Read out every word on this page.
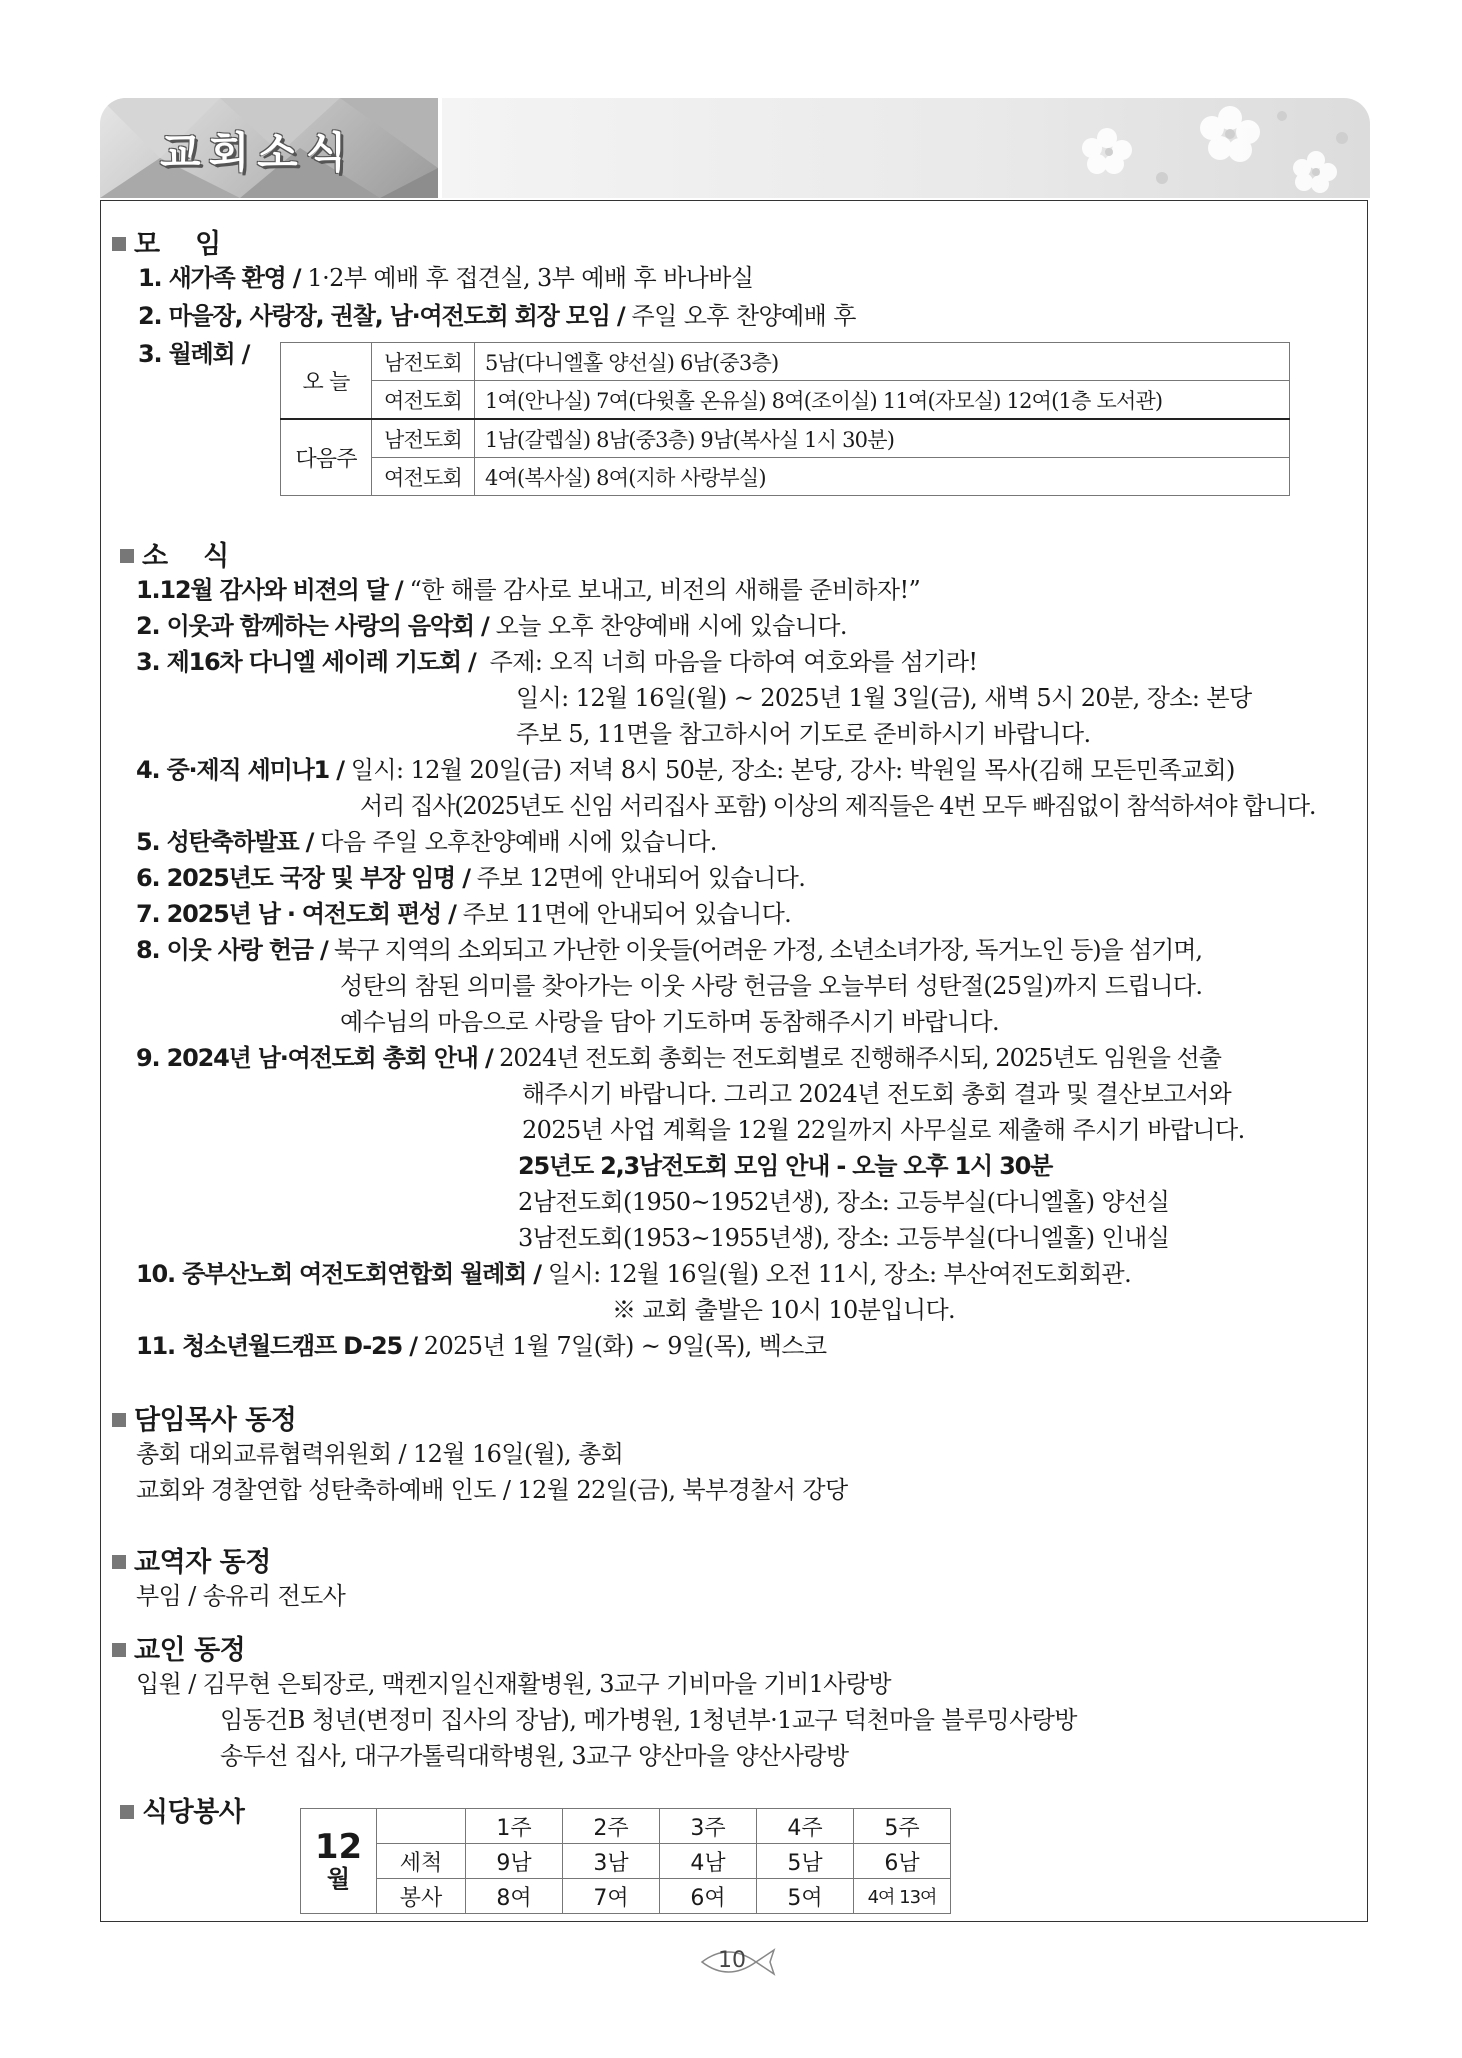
교회소식
모    임
1. 새가족 환영 / 1·2부 예배 후 접견실, 3부 예배 후 바나바실
2. 마을장, 사랑장, 권찰, 남·여전도회 회장 모임 / 주일 오후 찬양예배 후
3. 월례회 /
오 늘	남전도회	5남(다니엘홀 양선실) 6남(중3층)
	여전도회	1여(안나실) 7여(다윗홀 온유실) 8여(조이실) 11여(자모실) 12여(1층 도서관)
다음주	남전도회	1남(갈렙실) 8남(중3층) 9남(복사실 1시 30분)
	여전도회	4여(복사실) 8여(지하 사랑부실)
소    식
1.12월 감사와 비젼의 달 / “한 해를 감사로 보내고, 비전의 새해를 준비하자!”
2. 이웃과 함께하는 사랑의 음악회 / 오늘 오후 찬양예배 시에 있습니다.
3. 제16차 다니엘 세이레 기도회 /  주제: 오직 너희 마음을 다하여 여호와를 섬기라!
일시: 12월 16일(월) ~ 2025년 1월 3일(금), 새벽 5시 20분, 장소: 본당
주보 5, 11면을 참고하시어 기도로 준비하시기 바랍니다.
4. 중·제직 세미나1 / 일시: 12월 20일(금) 저녁 8시 50분, 장소: 본당, 강사: 박원일 목사(김해 모든민족교회)
서리 집사(2025년도 신임 서리집사 포함) 이상의 제직들은 4번 모두 빠짐없이 참석하셔야 합니다.
5. 성탄축하발표 / 다음 주일 오후찬양예배 시에 있습니다.
6. 2025년도 국장 및 부장 임명 / 주보 12면에 안내되어 있습니다.
7. 2025년 남 · 여전도회 편성 / 주보 11면에 안내되어 있습니다.
8. 이웃 사랑 헌금 / 북구 지역의 소외되고 가난한 이웃들(어려운 가정, 소년소녀가장, 독거노인 등)을 섬기며,
성탄의 참된 의미를 찾아가는 이웃 사랑 헌금을 오늘부터 성탄절(25일)까지 드립니다.
예수님의 마음으로 사랑을 담아 기도하며 동참해주시기 바랍니다.
9. 2024년 남·여전도회 총회 안내 / 2024년 전도회 총회는 전도회별로 진행해주시되, 2025년도 임원을 선출
해주시기 바랍니다. 그리고 2024년 전도회 총회 결과 및 결산보고서와
2025년 사업 계획을 12월 22일까지 사무실로 제출해 주시기 바랍니다.
25년도 2,3남전도회 모임 안내 - 오늘 오후 1시 30분
2남전도회(1950~1952년생), 장소: 고등부실(다니엘홀) 양선실
3남전도회(1953~1955년생), 장소: 고등부실(다니엘홀) 인내실
10. 중부산노회 여전도회연합회 월례회 / 일시: 12월 16일(월) 오전 11시, 장소: 부산여전도회회관.
※ 교회 출발은 10시 10분입니다.
11. 청소년월드캠프 D-25 / 2025년 1월 7일(화) ~ 9일(목), 벡스코
담임목사 동정
총회 대외교류협력위원회 / 12월 16일(월), 총회
교회와 경찰연합 성탄축하예배 인도 / 12월 22일(금), 북부경찰서 강당
교역자 동정
부임 / 송유리 전도사
교인 동정
입원 / 김무현 은퇴장로, 맥켄지일신재활병원, 3교구 기비마을 기비1사랑방
임동건B 청년(변정미 집사의 장남), 메가병원, 1청년부·1교구 덕천마을 블루밍사랑방
송두선 집사, 대구가톨릭대학병원, 3교구 양산마을 양산사랑방
식당봉사
12
월		1주	2주	3주	4주	5주
	세척	9남	3남	4남	5남	6남
	봉사	8여	7여	6여	5여	4여 13여
10
